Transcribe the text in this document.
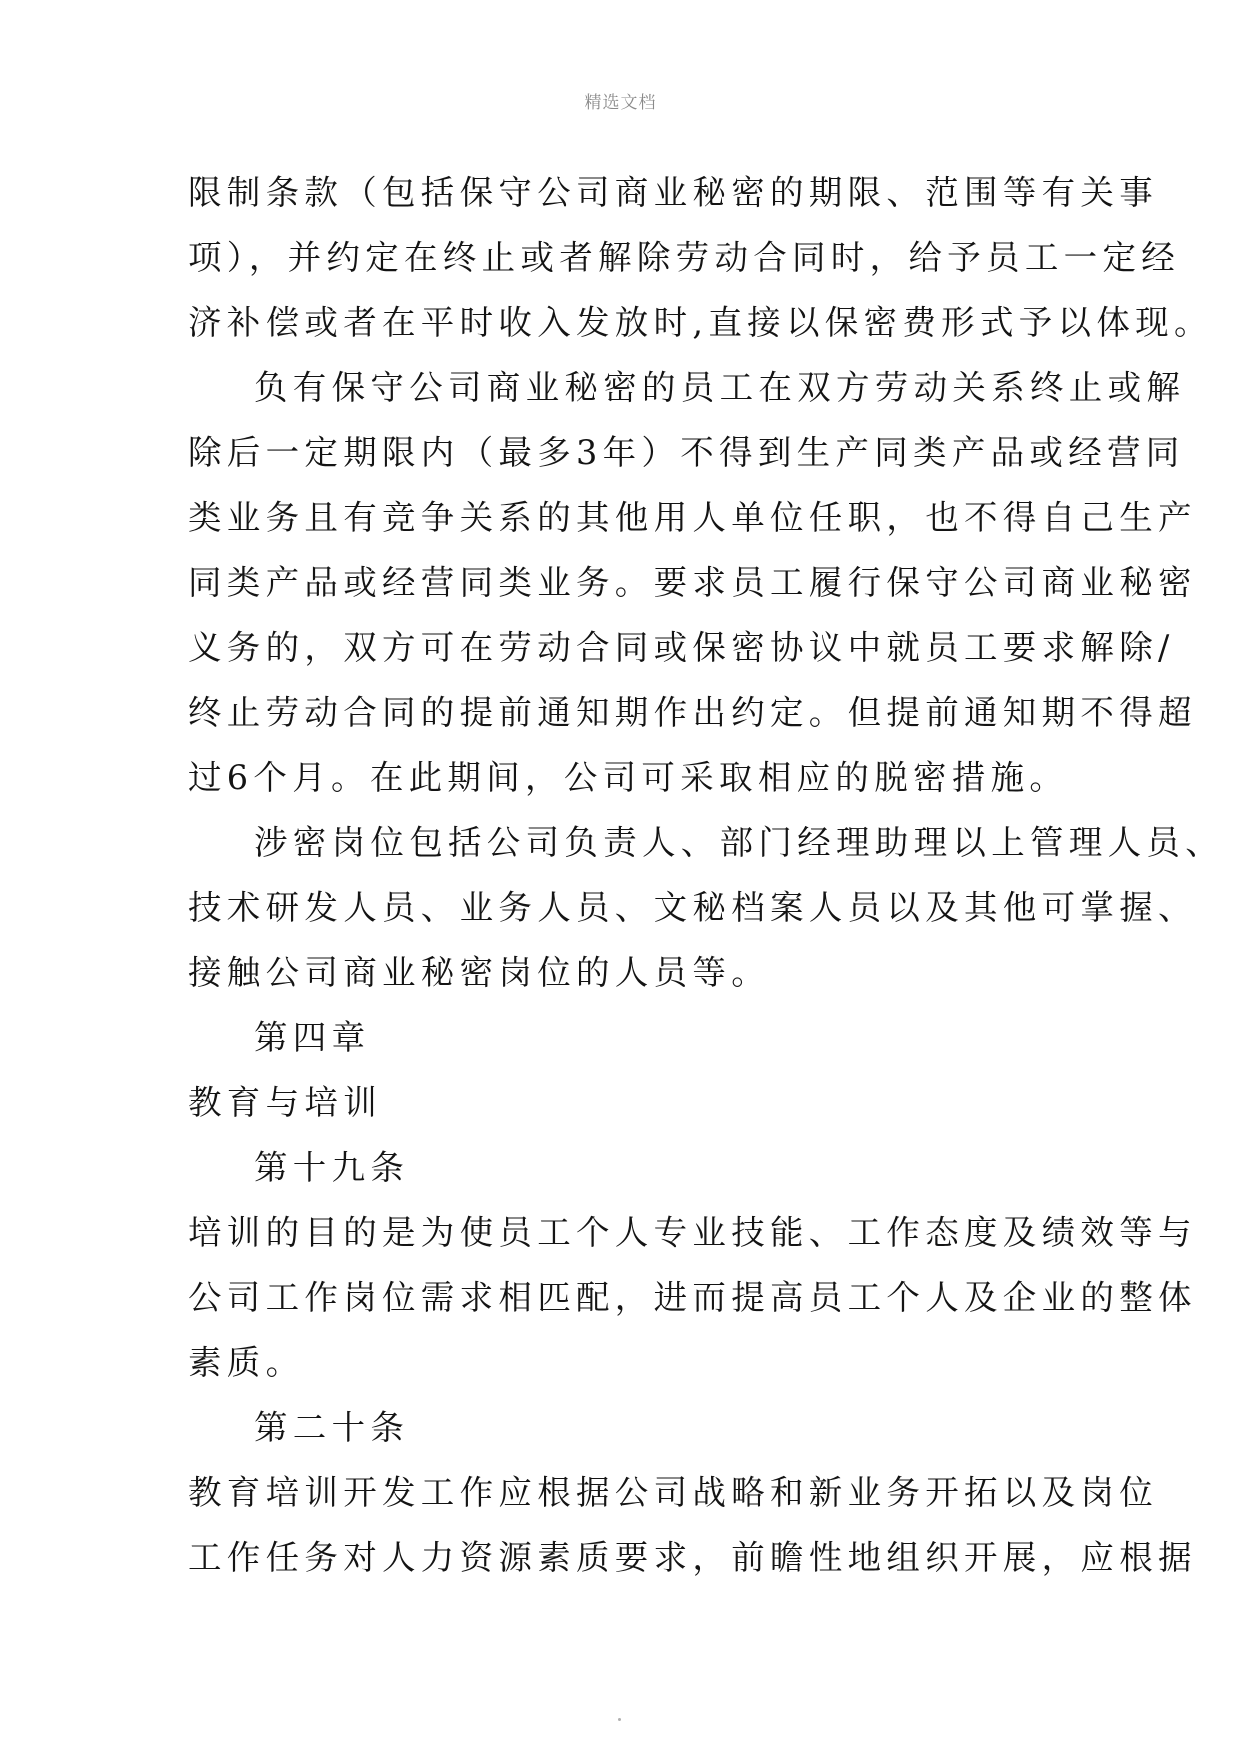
精选文档
限制条款（包括保守公司商业秘密的期限、范围等有关事
项），并约定在终止或者解除劳动合同时，给予员工一定经
济补偿或者在平时收入发放时,直接以保密费形式予以体现。
负有保守公司商业秘密的员工在双方劳动关系终止或解
除后一定期限内（最多3年）不得到生产同类产品或经营同
类业务且有竞争关系的其他用人单位任职，也不得自己生产
同类产品或经营同类业务。要求员工履行保守公司商业秘密
义务的，双方可在劳动合同或保密协议中就员工要求解除/
终止劳动合同的提前通知期作出约定。但提前通知期不得超
过6个月。在此期间，公司可采取相应的脱密措施。
涉密岗位包括公司负责人、部门经理助理以上管理人员、
技术研发人员、业务人员、文秘档案人员以及其他可掌握、
接触公司商业秘密岗位的人员等。
第四章
教育与培训
第十九条
培训的目的是为使员工个人专业技能、工作态度及绩效等与
公司工作岗位需求相匹配，进而提高员工个人及企业的整体
素质。
第二十条
教育培训开发工作应根据公司战略和新业务开拓以及岗位
工作任务对人力资源素质要求，前瞻性地组织开展，应根据
